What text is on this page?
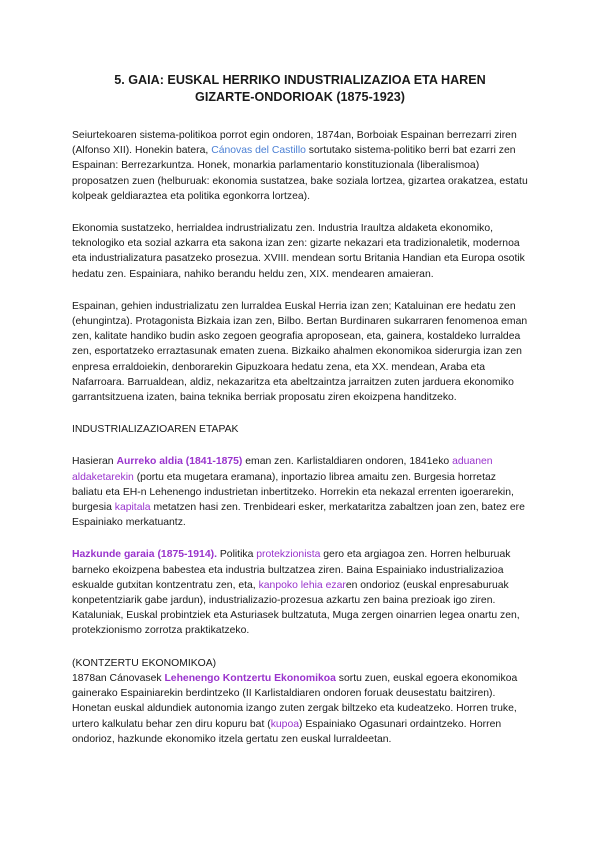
5. GAIA: EUSKAL HERRIKO INDUSTRIALIZAZIOA ETA HAREN
GIZARTE-ONDORIOAK (1875-1923)

Seiurtekoaren sistema-politikoa porrot egin ondoren, 1874an, Borboiak Espainan berrezarri ziren (Alfonso XII). Honekin batera, Cánovas del Castillo sortutako sistema-politiko berri bat ezarri zen Espainan: Berrezarkuntza. Honek, monarkia parlamentario konstituzionala (liberalismoa) proposatzen zuen (helburuak: ekonomia sustatzea, bake soziala lortzea, gizartea orakatzea, estatu kolpeak geldiaraztea eta politika egonkorra lortzea).

Ekonomia sustatzeko, herrialdea indrustrializatu zen. Industria Iraultza aldaketa ekonomiko, teknologiko eta sozial azkarra eta sakona izan zen: gizarte nekazari eta tradizionaletik, modernoa eta industrializatura pasatzeko prosezua. XVIII. mendean sortu Britania Handian eta Europa osotik hedatu zen. Espainiara, nahiko berandu heldu zen, XIX. mendearen amaieran.

Espainan, gehien industrializatu zen lurraldea Euskal Herria izan zen; Kataluinan ere hedatu zen (ehungintza). Protagonista Bizkaia izan zen, Bilbo. Bertan Burdinaren sukarraren fenomenoa eman zen, kalitate handiko budin asko zegoen geografia aproposean, eta, gainera, kostaldeko lurraldea zen, esportatzeko erraztasunak ematen zuena. Bizkaiko ahalmen ekonomikoa siderurgia izan zen enpresa erraldoiekin, denborarekin Gipuzkoara hedatu zena, eta XX. mendean, Araba eta Nafarroara. Barrualdean, aldiz, nekazaritza eta abeltzaintza jarraitzen zuten jarduera ekonomiko garrantsitzuena izaten, baina teknika berriak proposatu ziren ekoizpena handitzeko.

INDUSTRIALIZAZIOAREN ETAPAK

Hasieran Aurreko aldia (1841-1875) eman zen. Karlistaldiaren ondoren, 1841eko aduanen aldaketarekin (portu eta mugetara eramana), inportazio librea amaitu zen. Burgesia horretaz baliatu eta EH-n Lehenengo industrietan inbertitzeko. Horrekin eta nekazal errenten igoerarekin, burgesia kapitala metatzen hasi zen. Trenbideari esker, merkataritza zabaltzen joan zen, batez ere Espainiako merkatuantz.

Hazkunde garaia (1875-1914). Politika protekzionista gero eta argiagoa zen. Horren helburuak barneko ekoizpena babestea eta industria bultzatzea ziren. Baina Espainiako industrializazioa eskualde gutxitan kontzentratu zen, eta, kanpoko lehia ezaren ondorioz (euskal enpresaburuak konpetentziarik gabe jardun), industrializazio-prozesua azkartu zen baina prezioak igo ziren. Kataluniak, Euskal probintziek eta Asturiasek bultzatuta, Muga zergen oinarrien legea onartu zen, protekzionismo zorrotza praktikatzeko.

(KONTZERTU EKONOMIKOA)

1878an Cánovasek Lehenengo Kontzertu Ekonomikoa sortu zuen, euskal egoera ekonomikoa gainerako Espainiarekin berdintzeko (II Karlistaldiaren ondoren foruak deusestatu baitziren). Honetan euskal aldundiek autonomia izango zuten zergak biltzeko eta kudeatzeko. Horren truke, urtero kalkulatu behar zen diru kopuru bat (kupoa) Espainiako Ogasunari ordaintzeko. Horren ondorioz, hazkunde ekonomiko itzela gertatu zen euskal lurraldeetan.
